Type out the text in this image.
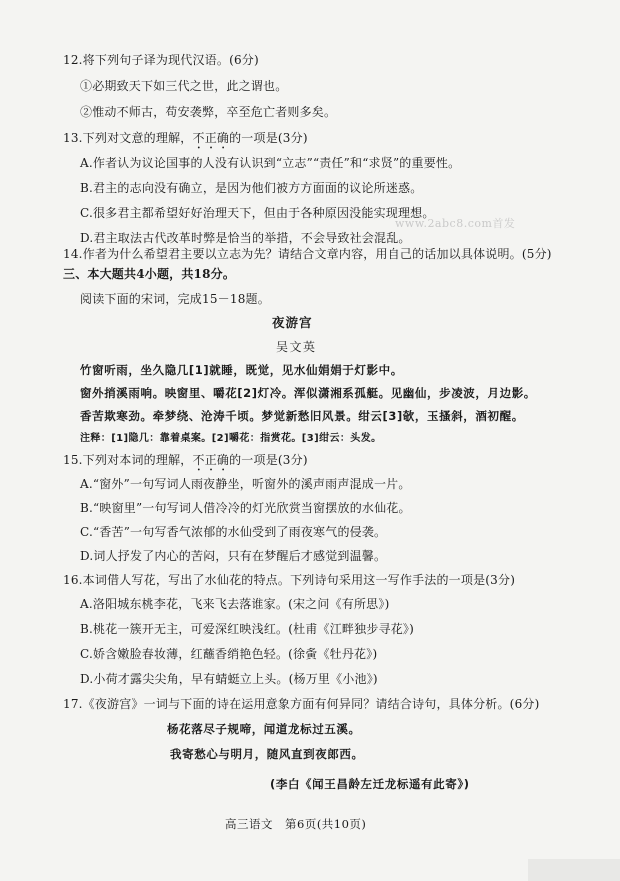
12.将下列句子译为现代汉语。(6分)
①必期致天下如三代之世，此之谓也。
②惟动不师古，苟安袭弊，卒至危亡者则多矣。
13.下列对文意的理解，不正确的一项是(3分)
A.作者认为议论国事的人没有认识到“立志”“责任”和“求贤”的重要性。
B.君主的志向没有确立，是因为他们被方方面面的议论所迷惑。
C.很多君主都希望好好治理天下，但由于各种原因没能实现理想。
D.君主取法古代改革时弊是恰当的举措，不会导致社会混乱。
14.作者为什么希望君主要以立志为先？请结合文章内容，用自己的话加以具体说明。(5分)
三、本大题共4小题，共18分。
阅读下面的宋词，完成15－18题。
夜游宫
吴文英
竹窗听雨，坐久隐几[1]就睡，既觉，见水仙娟娟于灯影中。
窗外捎溪雨响。映窗里、嚼花[2]灯冷。浑似潇湘系孤艇。见幽仙，步凌波，月边影。
香苦欺寒劲。牵梦绕、沧涛千顷。梦觉新愁旧风景。绀云[3]欹，玉搔斜，酒初醒。
注释：[1]隐几：靠着桌案。[2]嚼花：指赏花。[3]绀云：头发。
15.下列对本词的理解，不正确的一项是(3分)
A.“窗外”一句写词人雨夜静坐，听窗外的溪声雨声混成一片。
B.“映窗里”一句写词人借冷冷的灯光欣赏当窗摆放的水仙花。
C.“香苦”一句写香气浓郁的水仙受到了雨夜寒气的侵袭。
D.词人抒发了内心的苦闷，只有在梦醒后才感觉到温馨。
16.本词借人写花，写出了水仙花的特点。下列诗句采用这一写作手法的一项是(3分)
A.洛阳城东桃李花，飞来飞去落谁家。(宋之问《有所思》)
B.桃花一簇开无主，可爱深红映浅红。(杜甫《江畔独步寻花》)
C.娇含嫩脸春妆薄，红蘸香绡艳色轻。(徐夤《牡丹花》)
D.小荷才露尖尖角，早有蜻蜓立上头。(杨万里《小池》)
17.《夜游宫》一词与下面的诗在运用意象方面有何异同？请结合诗句，具体分析。(6分)
杨花落尽子规啼，闻道龙标过五溪。
我寄愁心与明月，随风直到夜郎西。
(李白《闻王昌龄左迁龙标遥有此寄》)
高三语文　第6页(共10页)
www.2abc8.com首发
